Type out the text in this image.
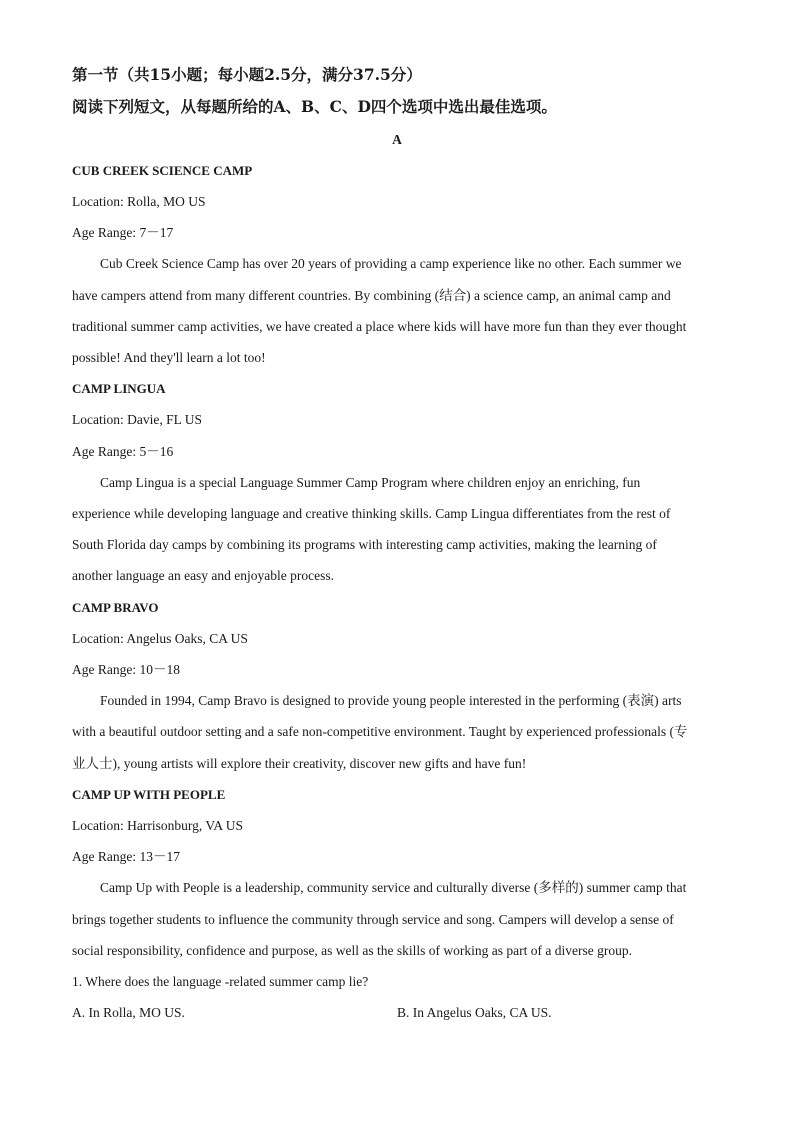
第一节（共15小题；每小题2.5分，满分37.5分）
阅读下列短文，从每题所给的A、B、C、D四个选项中选出最佳选项。
A
CUB CREEK SCIENCE CAMP
Location: Rolla, MO US
Age Range: 7－17
Cub Creek Science Camp has over 20 years of providing a camp experience like no other. Each summer we
have campers attend from many different countries. By combining (结合) a science camp, an animal camp and
traditional summer camp activities, we have created a place where kids will have more fun than they ever thought
possible! And they'll learn a lot too!
CAMP LINGUA
Location: Davie, FL US
Age Range: 5－16
Camp Lingua is a special Language Summer Camp Program where children enjoy an enriching, fun
experience while developing language and creative thinking skills. Camp Lingua differentiates from the rest of
South Florida day camps by combining its programs with interesting camp activities, making the learning of
another language an easy and enjoyable process.
CAMP BRAVO
Location: Angelus Oaks, CA US
Age Range: 10－18
Founded in 1994, Camp Bravo is designed to provide young people interested in the performing (表演) arts
with a beautiful outdoor setting and a safe non-competitive environment. Taught by experienced professionals (专
业人士), young artists will explore their creativity, discover new gifts and have fun!
CAMP UP WITH PEOPLE
Location: Harrisonburg, VA US
Age Range: 13－17
Camp Up with People is a leadership, community service and culturally diverse (多样的) summer camp that
brings together students to influence the community through service and song. Campers will develop a sense of
social responsibility, confidence and purpose, as well as the skills of working as part of a diverse group.
1. Where does the language -related summer camp lie?
A. In Rolla, MO US.	B. In Angelus Oaks, CA US.
